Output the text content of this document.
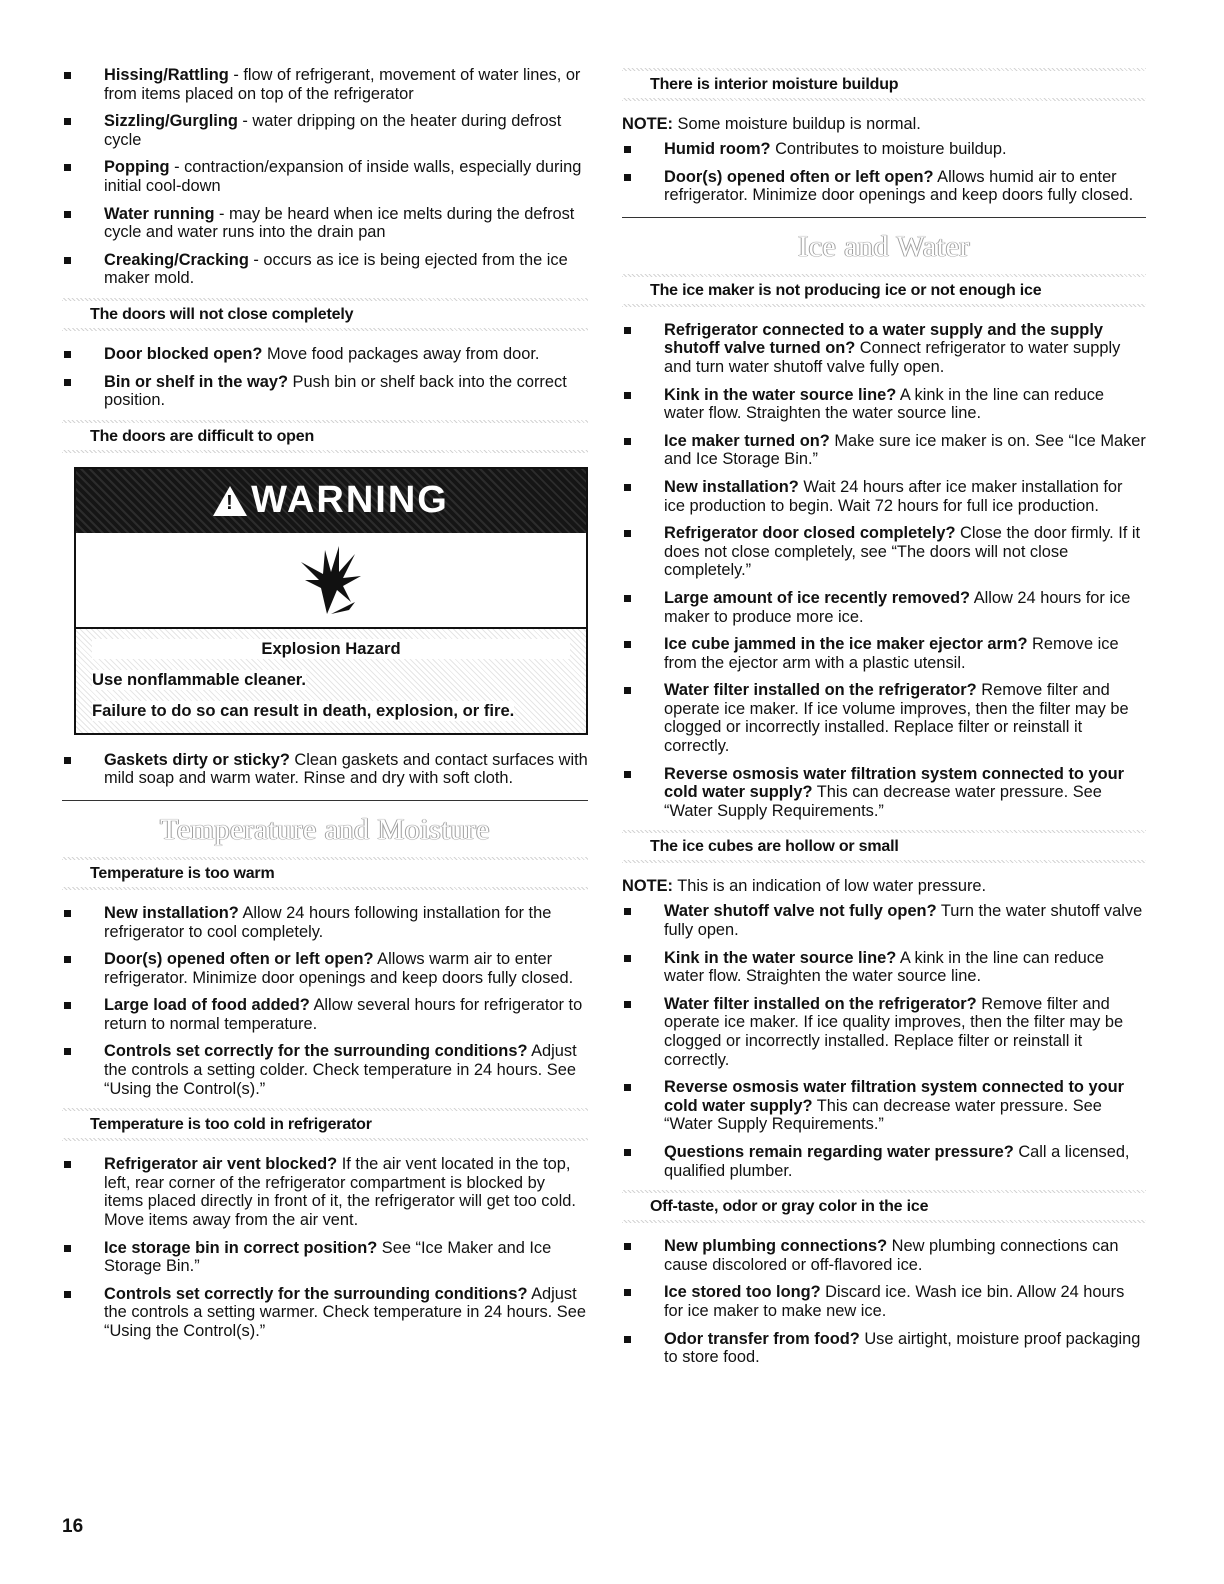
Hissing/Rattling - flow of refrigerant, movement of water lines, or from items placed on top of the refrigerator
Sizzling/Gurgling - water dripping on the heater during defrost cycle
Popping - contraction/expansion of inside walls, especially during initial cool-down
Water running - may be heard when ice melts during the defrost cycle and water runs into the drain pan
Creaking/Cracking - occurs as ice is being ejected from the ice maker mold.
The doors will not close completely
Door blocked open? Move food packages away from door.
Bin or shelf in the way? Push bin or shelf back into the correct position.
The doors are difficult to open
!
WARNING
Explosion Hazard
Use nonflammable cleaner.
Failure to do so can result in death, explosion, or fire.
Gaskets dirty or sticky? Clean gaskets and contact surfaces with mild soap and warm water. Rinse and dry with soft cloth.
Temperature and Moisture
Temperature is too warm
New installation? Allow 24 hours following installation for the refrigerator to cool completely.
Door(s) opened often or left open? Allows warm air to enter refrigerator. Minimize door openings and keep doors fully closed.
Large load of food added? Allow several hours for refrigerator to return to normal temperature.
Controls set correctly for the surrounding conditions? Adjust the controls a setting colder. Check temperature in 24 hours. See “Using the Control(s).”
Temperature is too cold in refrigerator
Refrigerator air vent blocked? If the air vent located in the top, left, rear corner of the refrigerator compartment is blocked by items placed directly in front of it, the refrigerator will get too cold. Move items away from the air vent.
Ice storage bin in correct position? See “Ice Maker and Ice Storage Bin.”
Controls set correctly for the surrounding conditions? Adjust the controls a setting warmer. Check temperature in 24 hours. See “Using the Control(s).”
There is interior moisture buildup

NOTE: Some moisture buildup is normal.

Humid room? Contributes to moisture buildup.
Door(s) opened often or left open? Allows humid air to enter refrigerator. Minimize door openings and keep doors fully closed.
Ice and Water
The ice maker is not producing ice or not enough ice
Refrigerator connected to a water supply and the supply shutoff valve turned on? Connect refrigerator to water supply and turn water shutoff valve fully open.
Kink in the water source line? A kink in the line can reduce water flow. Straighten the water source line.
Ice maker turned on? Make sure ice maker is on. See “Ice Maker and Ice Storage Bin.”
New installation? Wait 24 hours after ice maker installation for ice production to begin. Wait 72 hours for full ice production.
Refrigerator door closed completely? Close the door firmly. If it does not close completely, see “The doors will not close completely.”
Large amount of ice recently removed? Allow 24 hours for ice maker to produce more ice.
Ice cube jammed in the ice maker ejector arm? Remove ice from the ejector arm with a plastic utensil.
Water filter installed on the refrigerator? Remove filter and operate ice maker. If ice volume improves, then the filter may be clogged or incorrectly installed. Replace filter or reinstall it correctly.
Reverse osmosis water filtration system connected to your cold water supply? This can decrease water pressure. See “Water Supply Requirements.”
The ice cubes are hollow or small

NOTE: This is an indication of low water pressure.

Water shutoff valve not fully open? Turn the water shutoff valve fully open.
Kink in the water source line? A kink in the line can reduce water flow. Straighten the water source line.
Water filter installed on the refrigerator? Remove filter and operate ice maker. If ice quality improves, then the filter may be clogged or incorrectly installed. Replace filter or reinstall it correctly.
Reverse osmosis water filtration system connected to your cold water supply? This can decrease water pressure. See “Water Supply Requirements.”
Questions remain regarding water pressure? Call a licensed, qualified plumber.
Off-taste, odor or gray color in the ice
New plumbing connections? New plumbing connections can cause discolored or off-flavored ice.
Ice stored too long? Discard ice. Wash ice bin. Allow 24 hours for ice maker to make new ice.
Odor transfer from food? Use airtight, moisture proof packaging to store food.
16
